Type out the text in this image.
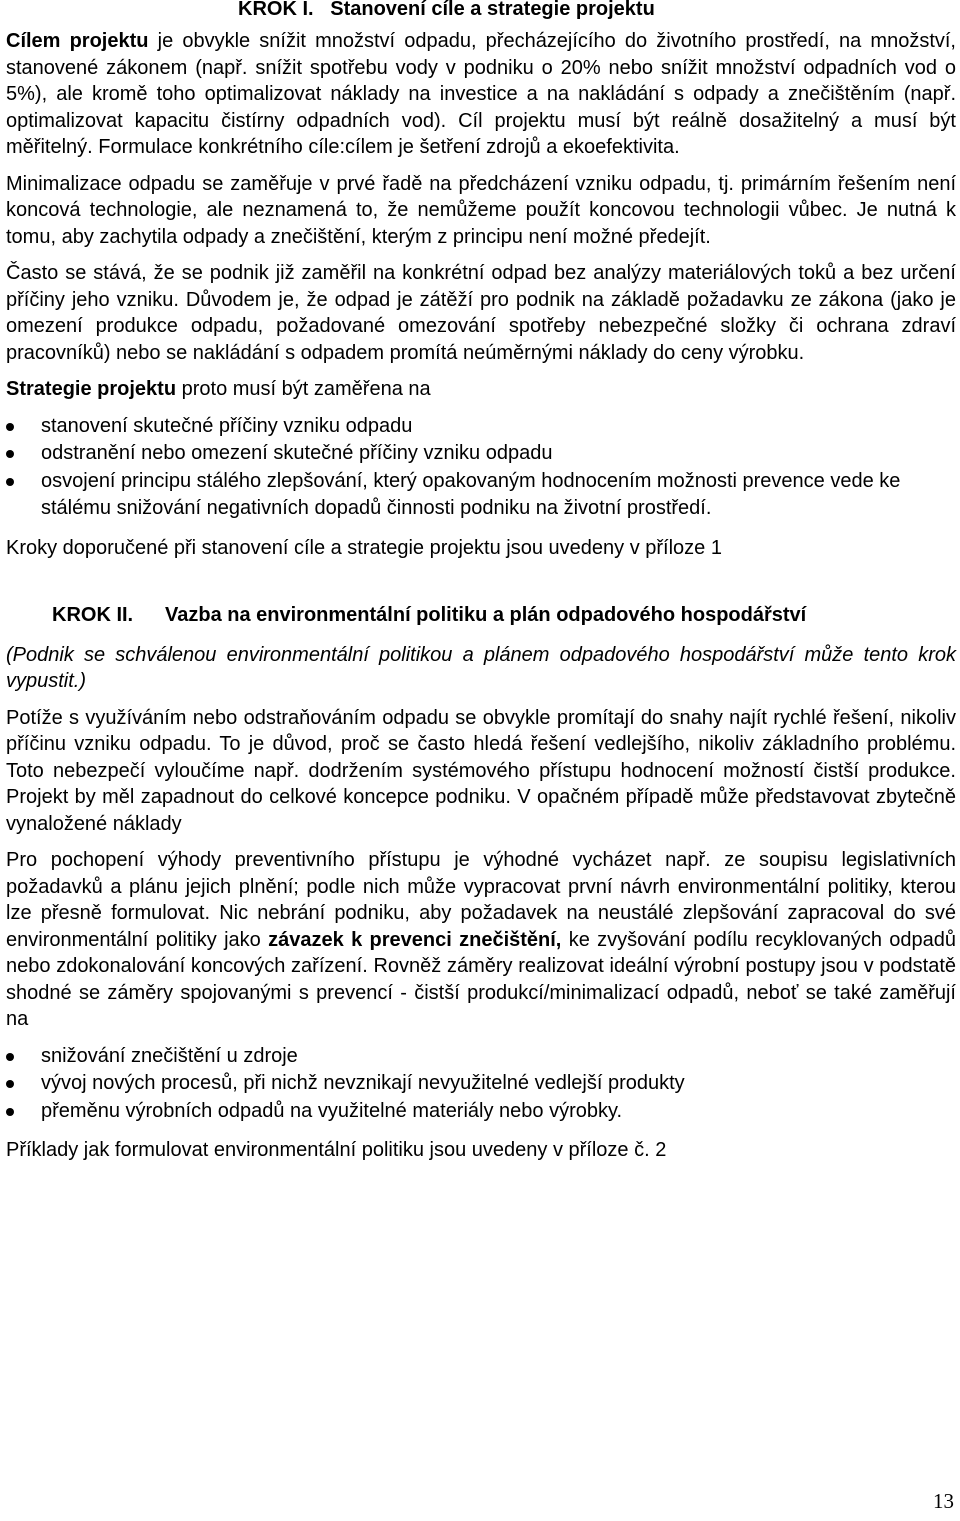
KROK I. Stanovení cíle a strategie projektu

Cílem projektu je obvykle snížit množství odpadu, přecházejícího do životního prostředí, na množství, stanovené zákonem (např. snížit spotřebu vody v podniku o 20% nebo snížit množství odpadních vod o 5%), ale kromě toho optimalizovat náklady na investice a na nakládání s odpady a znečištěním (např. optimalizovat kapacitu čistírny odpadních vod). Cíl projektu musí být reálně dosažitelný a musí být měřitelný. Formulace konkrétního cíle:cílem je šetření zdrojů a ekoefektivita.

Minimalizace odpadu se zaměřuje v prvé řadě na předcházení vzniku odpadu, tj. primárním řešením není koncová technologie, ale neznamená to, že nemůžeme použít koncovou technologii vůbec. Je nutná k tomu, aby zachytila odpady a znečištění, kterým z principu není možné předejít.

Často se stává, že se podnik již zaměřil na konkrétní odpad bez analýzy materiálových toků a bez určení příčiny jeho vzniku. Důvodem je, že odpad je zátěží pro podnik na základě požadavku ze zákona (jako je omezení produkce odpadu, požadované omezování spotřeby nebezpečné složky či ochrana zdraví pracovníků) nebo se nakládání s odpadem promítá neúměrnými náklady do ceny výrobku.

Strategie projektu proto musí být zaměřena na

stanovení skutečné příčiny vzniku odpadu
odstranění nebo omezení skutečné příčiny vzniku odpadu
osvojení principu stálého zlepšování, který opakovaným hodnocením možnosti prevence vede ke stálému snižování negativních dopadů činnosti podniku na životní prostředí.

Kroky doporučené při stanovení cíle a strategie projektu jsou uvedeny v příloze 1

KROK II. Vazba na environmentální politiku a plán odpadového hospodářství

(Podnik se schválenou environmentální politikou a plánem odpadového hospodářství může tento krok vypustit.)

Potíže s využíváním nebo odstraňováním odpadu se obvykle promítají do snahy najít rychlé řešení, nikoliv příčinu vzniku odpadu. To je důvod, proč se často hledá řešení vedlejšího, nikoliv základního problému. Toto nebezpečí vyloučíme např. dodržením systémového přístupu hodnocení možností čistší produkce. Projekt by měl zapadnout do celkové koncepce podniku. V opačném případě může představovat zbytečně vynaložené náklady

Pro pochopení výhody preventivního přístupu je výhodné vycházet např. ze soupisu legislativních požadavků a plánu jejich plnění; podle nich může vypracovat první návrh environmentální politiky, kterou lze přesně formulovat. Nic nebrání podniku, aby požadavek na neustálé zlepšování zapracoval do své environmentální politiky jako závazek k prevenci znečištění, ke zvyšování podílu recyklovaných odpadů nebo zdokonalování koncových zařízení. Rovněž záměry realizovat ideální výrobní postupy jsou v podstatě shodné se záměry spojovanými s prevencí - čistší produkcí/minimalizací odpadů, neboť se také zaměřují na

snižování znečištění u zdroje
vývoj nových procesů, při nichž nevznikají nevyužitelné vedlejší produkty
přeměnu výrobních odpadů na využitelné materiály nebo výrobky.

Příklady jak formulovat environmentální politiku jsou uvedeny v příloze č. 2

13
